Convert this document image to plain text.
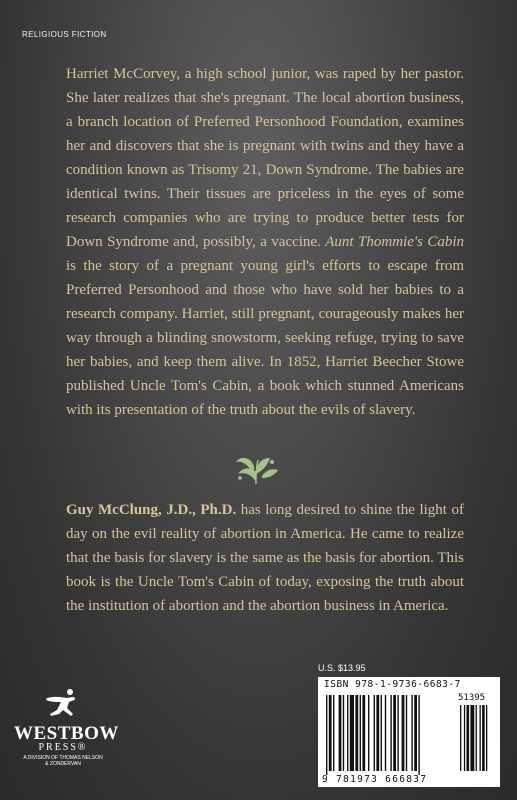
RELIGIOUS FICTION

Harriet McCorvey, a high school junior, was raped by her pastor. She later realizes that she's pregnant. The local abortion business, a branch location of Preferred Personhood Foundation, examines her and discovers that she is pregnant with twins and they have a condition known as Trisomy 21, Down Syndrome. The babies are identical twins. Their tissues are priceless in the eyes of some research companies who are trying to produce better tests for Down Syndrome and, possibly, a vaccine. Aunt Thommie's Cabin is the story of a pregnant young girl's efforts to escape from Preferred Personhood and those who have sold her babies to a research company. Harriet, still pregnant, courageously makes her way through a blinding snowstorm, seeking refuge, trying to save her babies, and keep them alive. In 1852, Harriet Beecher Stowe published Uncle Tom's Cabin, a book which stunned Americans with its presentation of the truth about the evils of slavery.

Guy McClung, J.D., Ph.D. has long desired to shine the light of day on the evil reality of abortion in America. He came to realize that the basis for slavery is the same as the basis for abortion. This book is the Uncle Tom's Cabin of today, exposing the truth about the institution of abortion and the abortion business in America.

U.S. $13.95
ISBN 978-1-9736-6683-7
51395
9 781973 666837
WESTBOW
PRESS®
A DIVISION OF THOMAS NELSON
& ZONDERVAN
